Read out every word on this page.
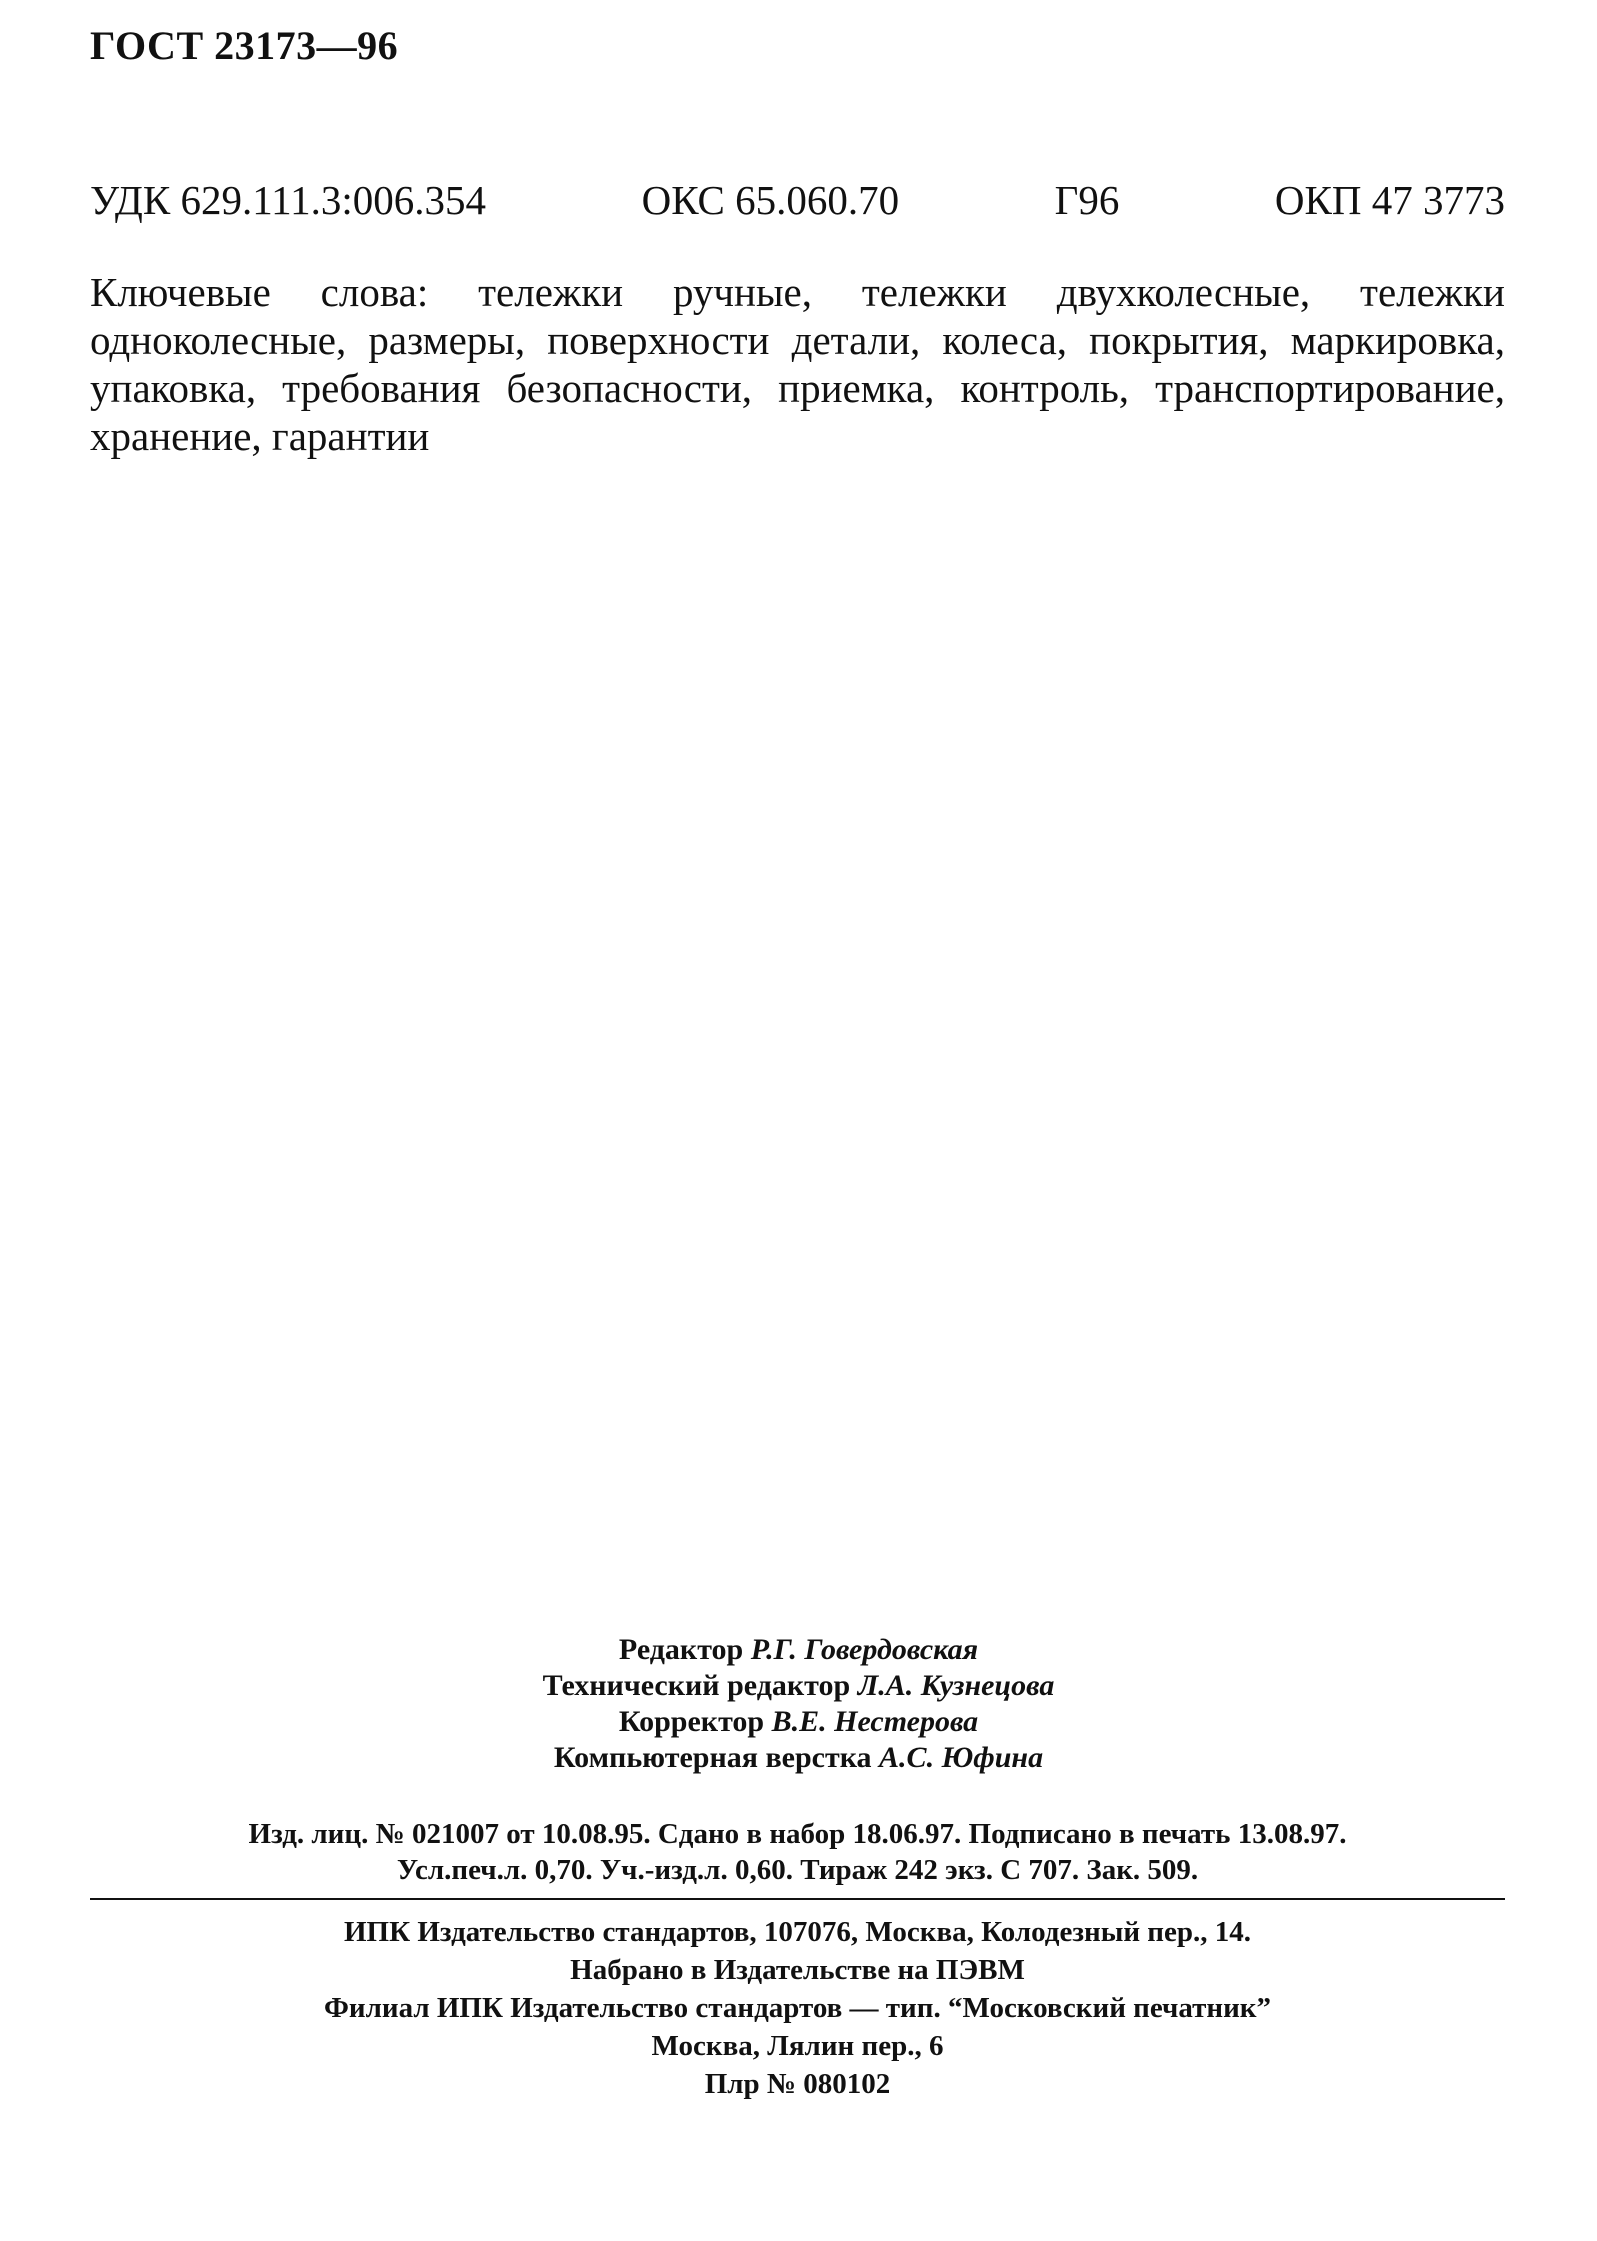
ГОСТ 23173—96
УДК 629.111.3:006.354	ОКС 65.060.70	Г96	ОКП 47 3773
Ключевые слова: тележки ручные, тележки двухколесные, тележки одноколесные, размеры, поверхности детали, колеса, покрытия, маркировка, упаковка, требования безопасности, приемка, контроль, транспортирование, хранение, гарантии
Редактор Р.Г. Говердовская
Технический редактор Л.А. Кузнецова
Корректор В.Е. Нестерова
Компьютерная верстка А.С. Юфина
Изд. лиц. № 021007 от 10.08.95. Сдано в набор 18.06.97. Подписано в печать 13.08.97.
Усл.печ.л. 0,70. Уч.-изд.л. 0,60. Тираж 242 экз. С 707. Зак. 509.
ИПК Издательство стандартов, 107076, Москва, Колодезный пер., 14.
Набрано в Издательстве на ПЭВМ
Филиал ИПК Издательство стандартов — тип. “Московский печатник”
Москва, Лялин пер., 6
Плр № 080102
